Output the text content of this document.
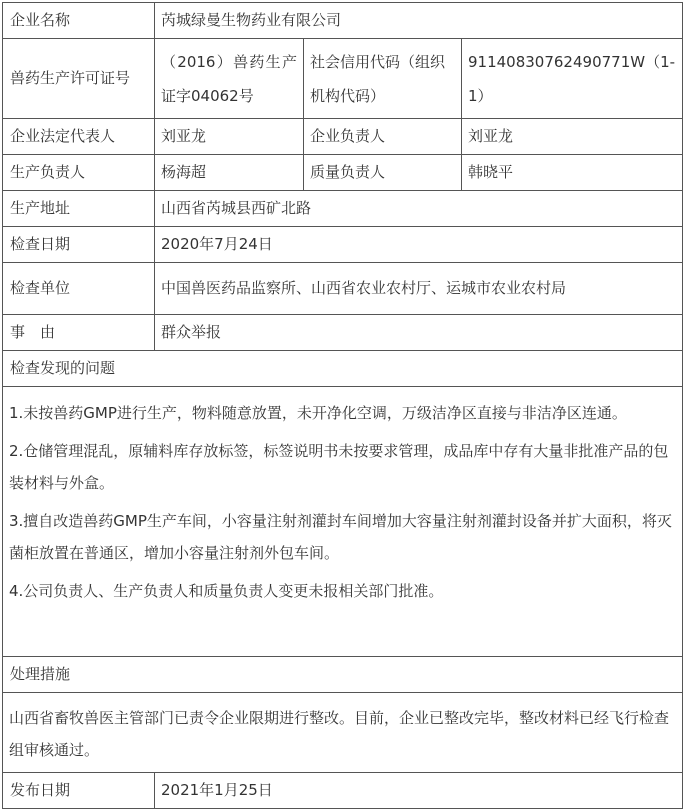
企业名称	芮城绿曼生物药业有限公司		
兽药生产许可证号	（2016）兽药生产证字04062号	社会信用代码（组织机构代码）	91140830762490771W（1-1）
企业法定代表人	刘亚龙	企业负责人	刘亚龙
生产负责人	杨海超	质量负责人	韩晓平
生产地址	山西省芮城县西矿北路		
检查日期	2020年7月24日		
检查单位	中国兽医药品监察所、山西省农业农村厅、运城市农业农村局		
事　由	群众举报		
检查发现的问题			

1.未按兽药GMP进行生产，物料随意放置，未开净化空调，万级洁净区直接与非洁净区连通。

2.仓储管理混乱，原辅料库存放标签，标签说明书未按要求管理，成品库中存有大量非批准产品的包装材料与外盒。

3.擅自改造兽药GMP生产车间，小容量注射剂灌封车间增加大容量注射剂灌封设备并扩大面积，将灭菌柜放置在普通区，增加小容量注射剂外包车间。

4.公司负责人、生产负责人和质量负责人变更未报相关部门批准。			

处理措施			
山西省畜牧兽医主管部门已责令企业限期进行整改。目前，企业已整改完毕，整改材料已经飞行检查组审核通过。			
发布日期	2021年1月25日		
